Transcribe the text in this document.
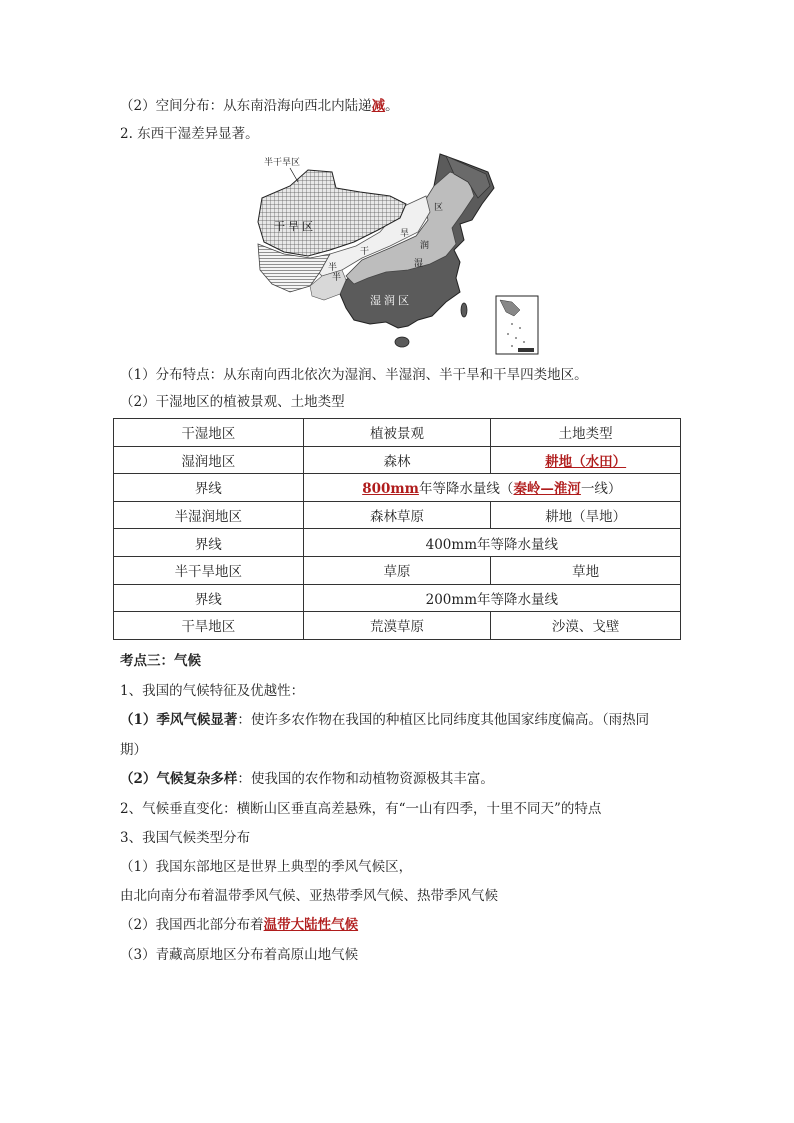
（2）空间分布：从东南沿海向西北内陆递减。
2. 东西干湿差异显著。
半干旱区
干 旱 区
半
干
旱
半
湿
润
区
湿 润 区
（1）分布特点：从东南向西北依次为湿润、半湿润、半干旱和干旱四类地区。
（2）干湿地区的植被景观、土地类型
干湿地区	植被景观	土地类型
湿润地区	森林	耕地（水田）
界线	800mm年等降水量线（秦岭—淮河一线）	
半湿润地区	森林草原	耕地（旱地）
界线	400mm年等降水量线	
半干旱地区	草原	草地
界线	200mm年等降水量线	
干旱地区	荒漠草原	沙漠、戈壁
考点三：气候
1、我国的气候特征及优越性：
（1）季风气候显著：使许多农作物在我国的种植区比同纬度其他国家纬度偏高。（雨热同
期）
（2）气候复杂多样：使我国的农作物和动植物资源极其丰富。
2、气候垂直变化：横断山区垂直高差悬殊，有“一山有四季，十里不同天”的特点
3、我国气候类型分布
（1）我国东部地区是世界上典型的季风气候区，
由北向南分布着温带季风气候、亚热带季风气候、热带季风气候
（2）我国西北部分布着温带大陆性气候
（3）青藏高原地区分布着高原山地气候
